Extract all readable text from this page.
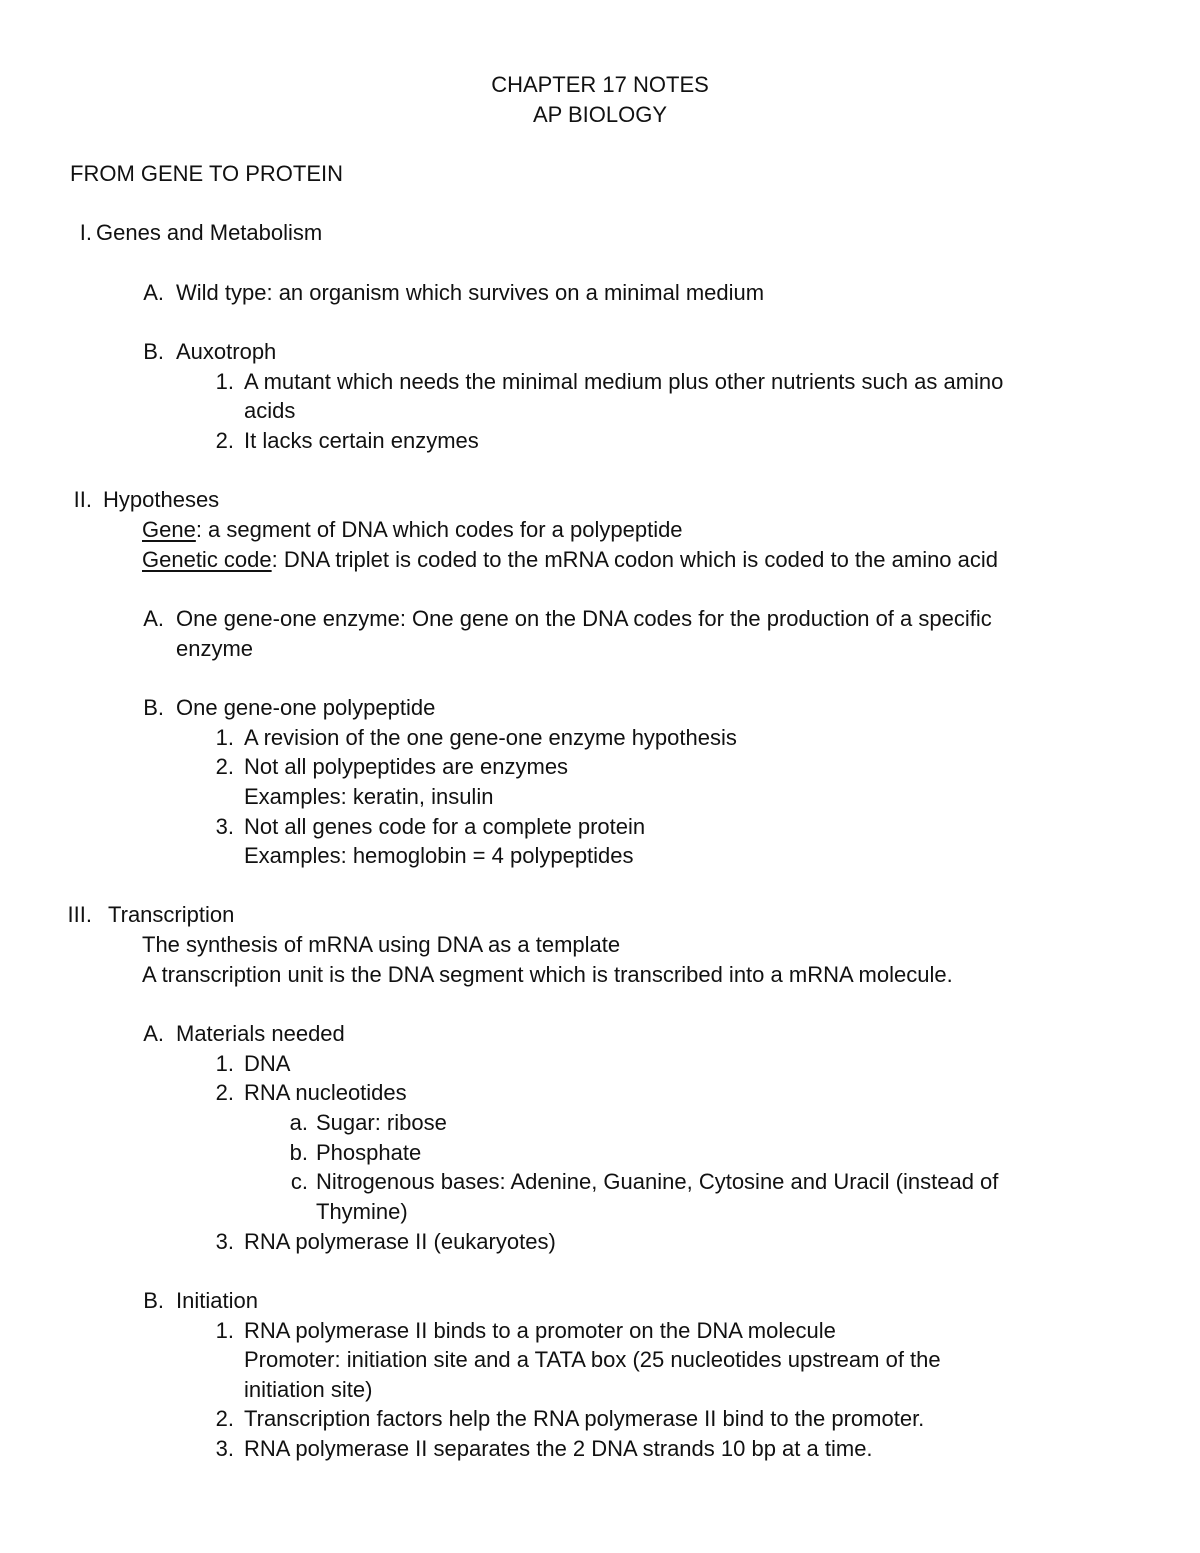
CHAPTER 17 NOTES
AP BIOLOGY
FROM GENE TO PROTEIN
I. Genes and Metabolism
A. Wild type: an organism which survives on a minimal medium
B. Auxotroph
1. A mutant which needs the minimal medium plus other nutrients such as amino
acids
2. It lacks certain enzymes
II. Hypotheses
Gene: a segment of DNA which codes for a polypeptide
Genetic code: DNA triplet is coded to the mRNA codon which is coded to the amino acid
A. One gene-one enzyme: One gene on the DNA codes for the production of a specific
enzyme
B. One gene-one polypeptide
1. A revision of the one gene-one enzyme hypothesis
2. Not all polypeptides are enzymes
Examples: keratin, insulin
3. Not all genes code for a complete protein
Examples: hemoglobin = 4 polypeptides
III. Transcription
The synthesis of mRNA using DNA as a template
A transcription unit is the DNA segment which is transcribed into a mRNA molecule.
A. Materials needed
1. DNA
2. RNA nucleotides
a. Sugar: ribose
b. Phosphate
c. Nitrogenous bases: Adenine, Guanine, Cytosine and Uracil (instead of
Thymine)
3. RNA polymerase II (eukaryotes)
B. Initiation
1. RNA polymerase II binds to a promoter on the DNA molecule
Promoter: initiation site and a TATA box (25 nucleotides upstream of the
initiation site)
2. Transcription factors help the RNA polymerase II bind to the promoter.
3. RNA polymerase II separates the 2 DNA strands 10 bp at a time.
